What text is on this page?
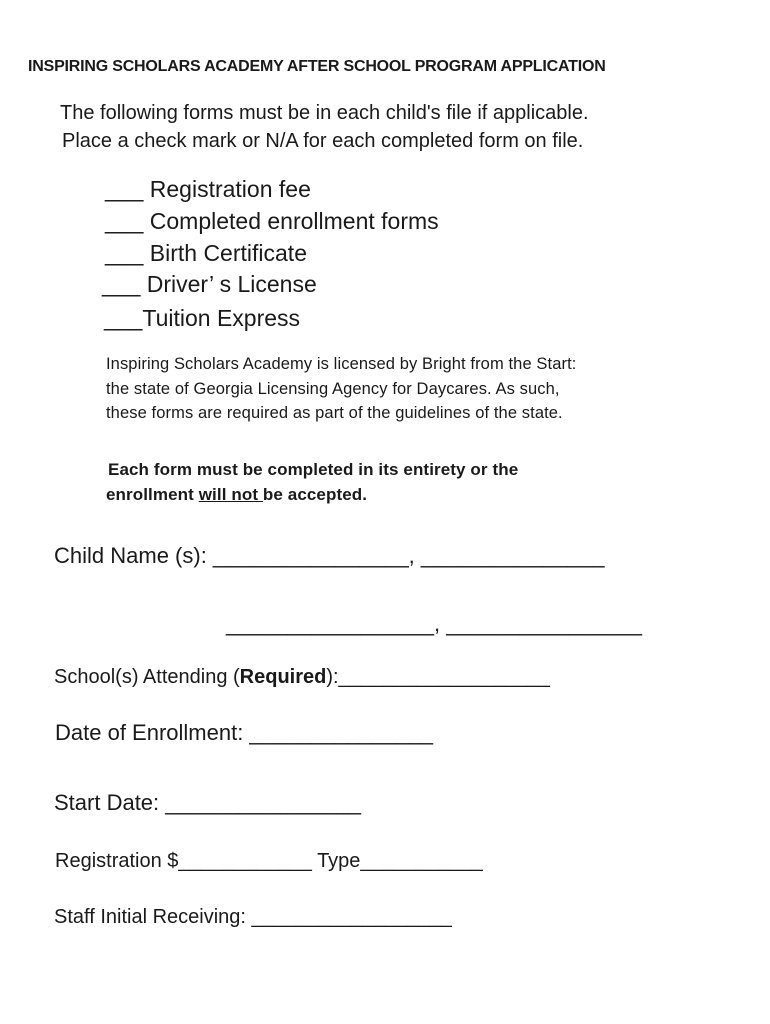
INSPIRING SCHOLARS ACADEMY AFTER SCHOOL PROGRAM APPLICATION
The following forms must be in each child's file if applicable.
Place a check mark or N/A for each completed form on file.
___ Registration fee
___ Completed enrollment forms
___ Birth Certificate
___ Driver’ s License
___Tuition Express
Inspiring Scholars Academy is licensed by Bright from the Start:
the state of Georgia Licensing Agency for Daycares. As such,
these forms are required as part of the guidelines of the state.
Each form must be completed in its entirety or the
enrollment will not be accepted.
Child Name (s): ________________, _______________
_________________, ________________
School(s) Attending (Required):___________________
Date of Enrollment: _______________
Start Date: ________________
Registration $____________ Type___________
Staff Initial Receiving: __________________
